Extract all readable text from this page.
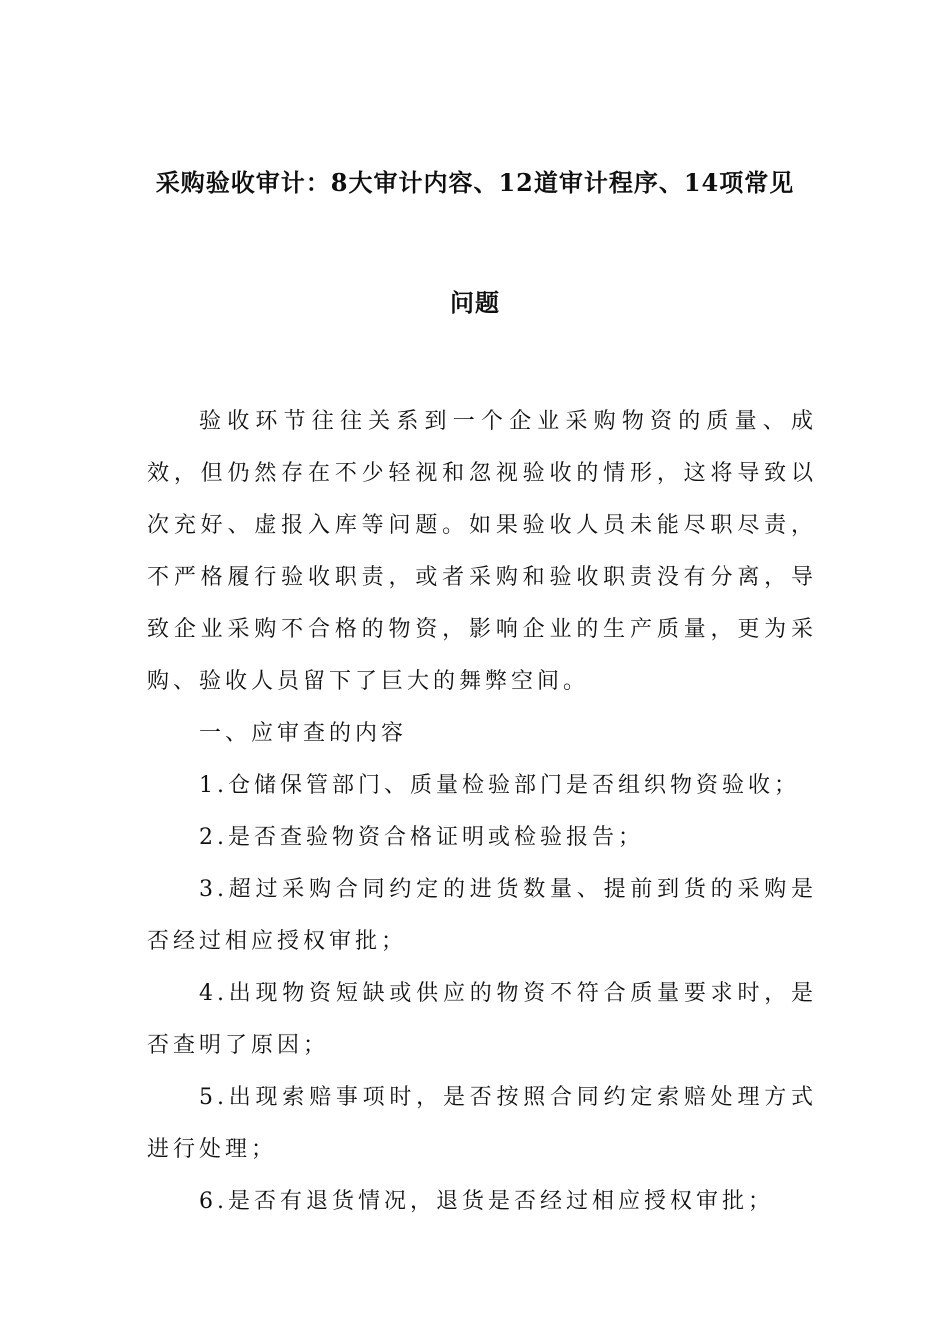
采购验收审计：8大审计内容、12道审计程序、14项常见
问题

验收环节往往关系到一个企业采购物资的质量、成效，但仍然存在不少轻视和忽视验收的情形，这将导致以次充好、虚报入库等问题。如果验收人员未能尽职尽责，不严格履行验收职责，或者采购和验收职责没有分离，导致企业采购不合格的物资，影响企业的生产质量，更为采购、验收人员留下了巨大的舞弊空间。

一、应审查的内容

1.仓储保管部门、质量检验部门是否组织物资验收；

2.是否查验物资合格证明或检验报告；

3.超过采购合同约定的进货数量、提前到货的采购是否经过相应授权审批；

4.出现物资短缺或供应的物资不符合质量要求时，是否查明了原因；

5.出现索赔事项时，是否按照合同约定索赔处理方式进行处理；

6.是否有退货情况，退货是否经过相应授权审批；
